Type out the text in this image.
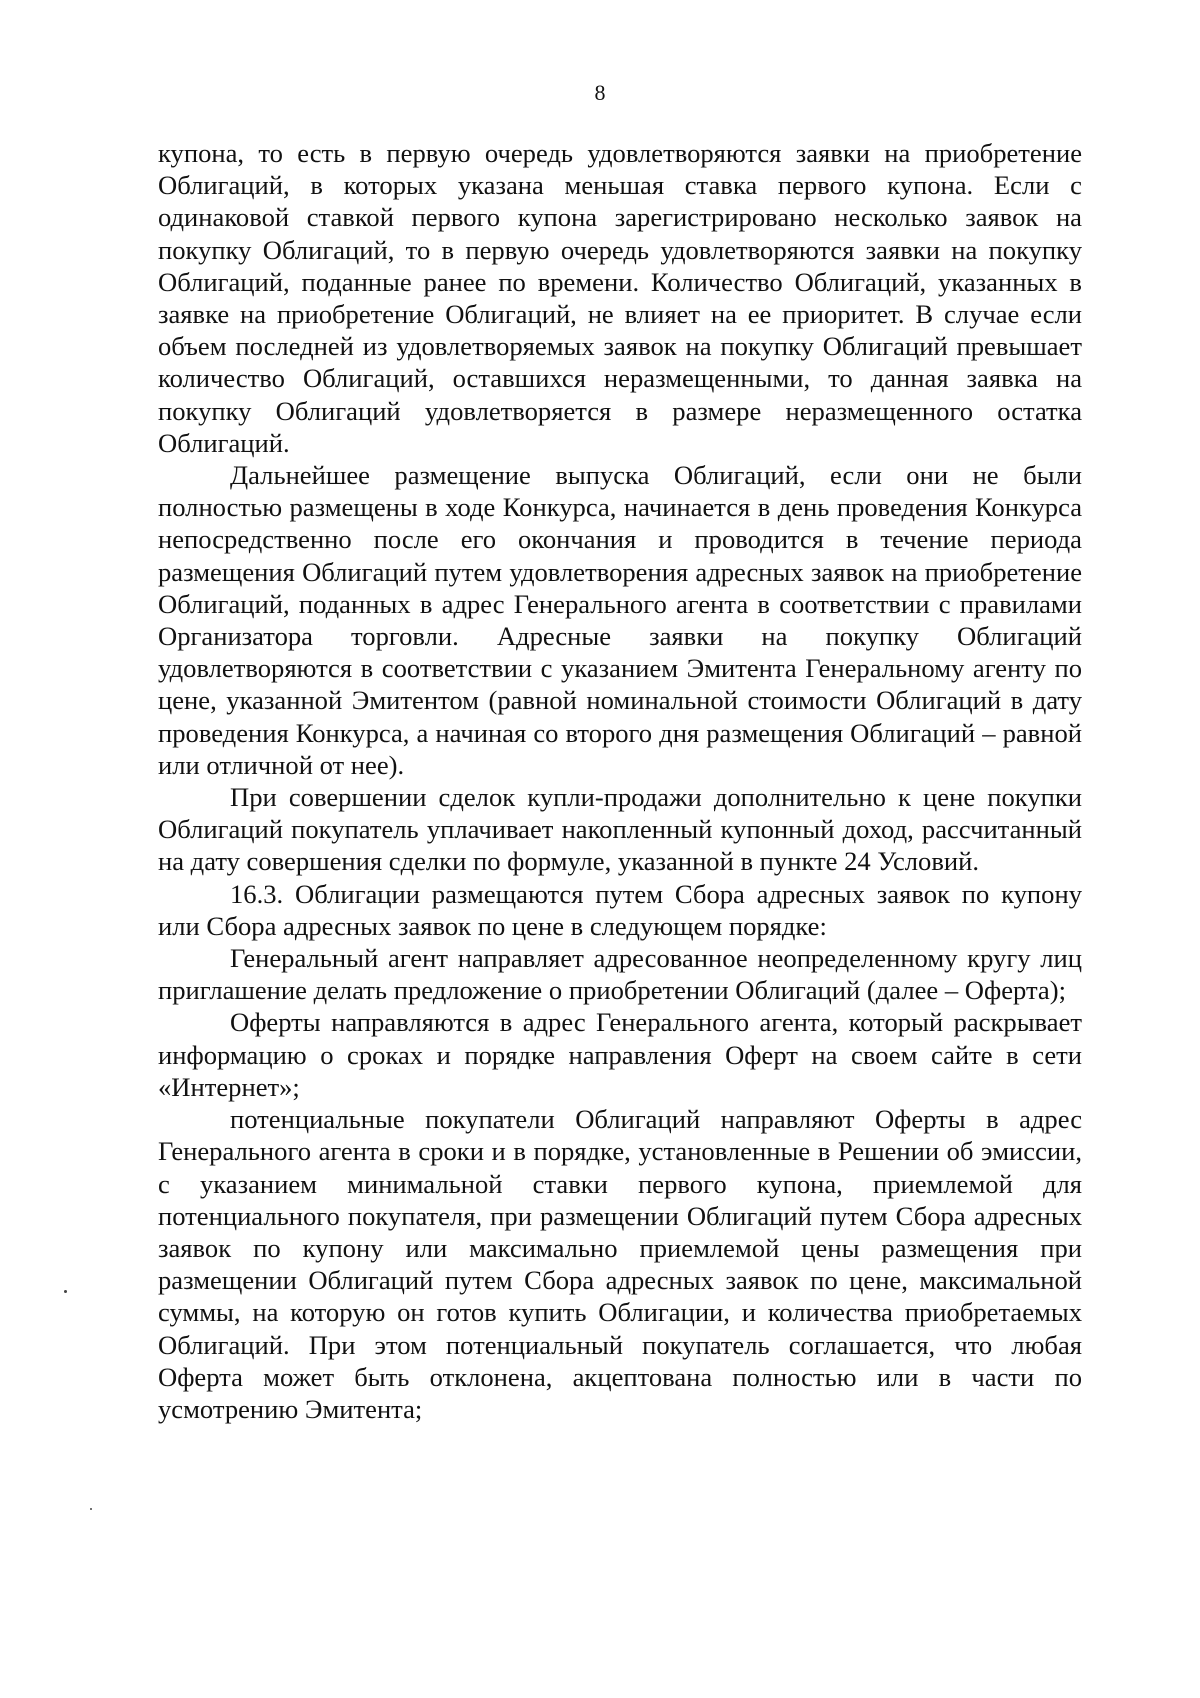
8

купона, то есть в первую очередь удовлетворяются заявки на приобретение Облигаций, в которых указана меньшая ставка первого купона. Если с одинаковой ставкой первого купона зарегистрировано несколько заявок на покупку Облигаций, то в первую очередь удовлетворяются заявки на покупку Облигаций, поданные ранее по времени. Количество Облигаций, указанных в заявке на приобретение Облигаций, не влияет на ее приоритет. В случае если объем последней из удовлетворяемых заявок на покупку Облигаций превышает количество Облигаций, оставшихся неразмещенными, то данная заявка на покупку Облигаций удовлетворяется в размере неразмещенного остатка Облигаций.

Дальнейшее размещение выпуска Облигаций, если они не были полностью размещены в ходе Конкурса, начинается в день проведения Конкурса непосредственно после его окончания и проводится в течение периода размещения Облигаций путем удовлетворения адресных заявок на приобретение Облигаций, поданных в адрес Генерального агента в соответствии с правилами Организатора торговли. Адресные заявки на покупку Облигаций удовлетворяются в соответствии с указанием Эмитента Генеральному агенту по цене, указанной Эмитентом (равной номинальной стоимости Облигаций в дату проведения Конкурса, а начиная со второго дня размещения Облигаций – равной или отличной от нее).

При совершении сделок купли-продажи дополнительно к цене покупки Облигаций покупатель уплачивает накопленный купонный доход, рассчитанный на дату совершения сделки по формуле, указанной в пункте 24 Условий.

16.3. Облигации размещаются путем Сбора адресных заявок по купону или Сбора адресных заявок по цене в следующем порядке:

Генеральный агент направляет адресованное неопределенному кругу лиц приглашение делать предложение о приобретении Облигаций (далее – Оферта);

Оферты направляются в адрес Генерального агента, который раскрывает информацию о сроках и порядке направления Оферт на своем сайте в сети «Интернет»;

потенциальные покупатели Облигаций направляют Оферты в адрес Генерального агента в сроки и в порядке, установленные в Решении об эмиссии, с указанием минимальной ставки первого купона, приемлемой для потенциального покупателя, при размещении Облигаций путем Сбора адресных заявок по купону или максимально приемлемой цены размещения при размещении Облигаций путем Сбора адресных заявок по цене, максимальной суммы, на которую он готов купить Облигации, и количества приобретаемых Облигаций. При этом потенциальный покупатель соглашается, что любая Оферта может быть отклонена, акцептована полностью или в части по усмотрению Эмитента;
